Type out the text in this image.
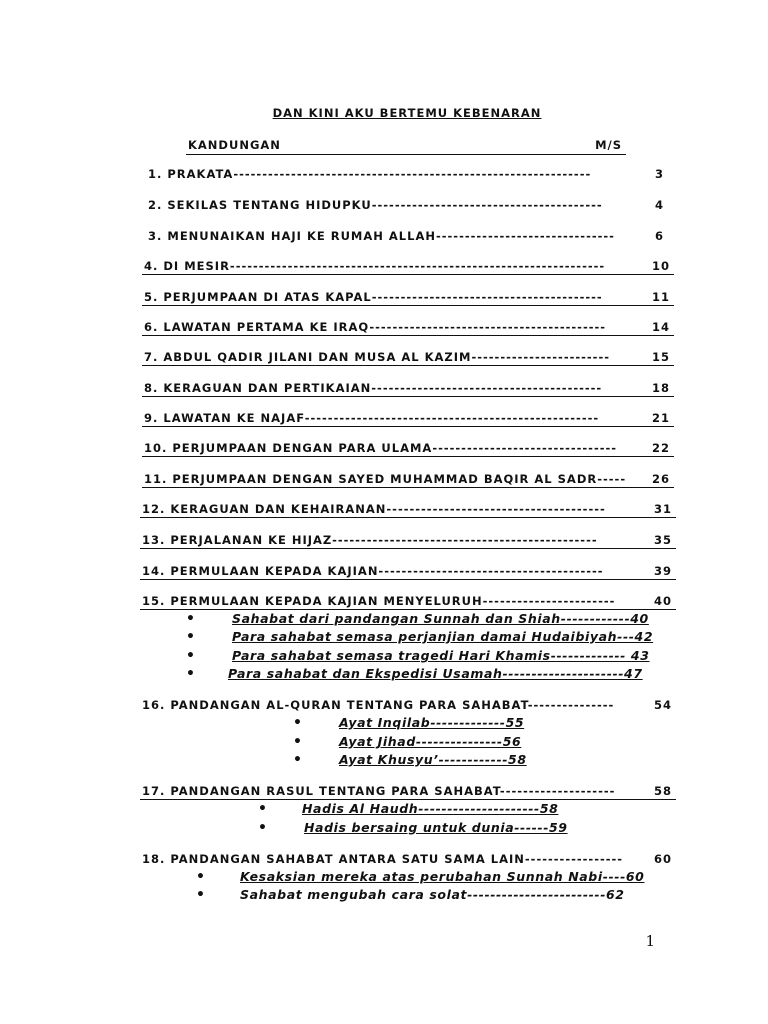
DAN KINI AKU BERTEMU KEBENARAN
KANDUNGAN	M/S
1. PRAKATA--------------------------------------------------------------	3
2. SEKILAS TENTANG HIDUPKU----------------------------------------	4
3. MENUNAIKAN HAJI KE RUMAH ALLAH-------------------------------	6
4. DI MESIR-----------------------------------------------------------------	10
5. PERJUMPAAN DI ATAS KAPAL----------------------------------------	11
6. LAWATAN PERTAMA KE IRAQ-----------------------------------------	14
7. ABDUL QADIR JILANI DAN MUSA AL KAZIM------------------------	15
8. KERAGUAN DAN PERTIKAIAN----------------------------------------	18
9. LAWATAN KE NAJAF---------------------------------------------------	21
10. PERJUMPAAN DENGAN PARA ULAMA--------------------------------	22
11. PERJUMPAAN DENGAN SAYED MUHAMMAD BAQIR AL SADR----- 26
12. KERAGUAN DAN KEHAIRANAN--------------------------------------	31
13. PERJALANAN KE HIJAZ----------------------------------------------	35
14. PERMULAAN KEPADA KAJIAN---------------------------------------	39
15. PERMULAAN KEPADA KAJIAN MENYELURUH-----------------------	40
•	Sahabat dari pandangan Sunnah dan Shiah------------40
•	Para sahabat semasa perjanjian damai Hudaibiyah---42
•	Para sahabat semasa tragedi Hari Khamis------------- 43
•	Para sahabat dan Ekspedisi Usamah---------------------47
16. PANDANGAN AL-QURAN TENTANG PARA SAHABAT---------------	54
•	Ayat Inqilab-------------55
•	Ayat Jihad---------------56
•	Ayat Khusyu’------------58
17. PANDANGAN RASUL TENTANG PARA SAHABAT--------------------	58
•	Hadis Al Haudh---------------------58
•	Hadis bersaing untuk dunia------59
18. PANDANGAN SAHABAT ANTARA SATU SAMA LAIN-----------------	60
•	Kesaksian mereka atas perubahan Sunnah Nabi----60
•	Sahabat mengubah cara solat------------------------62
1
